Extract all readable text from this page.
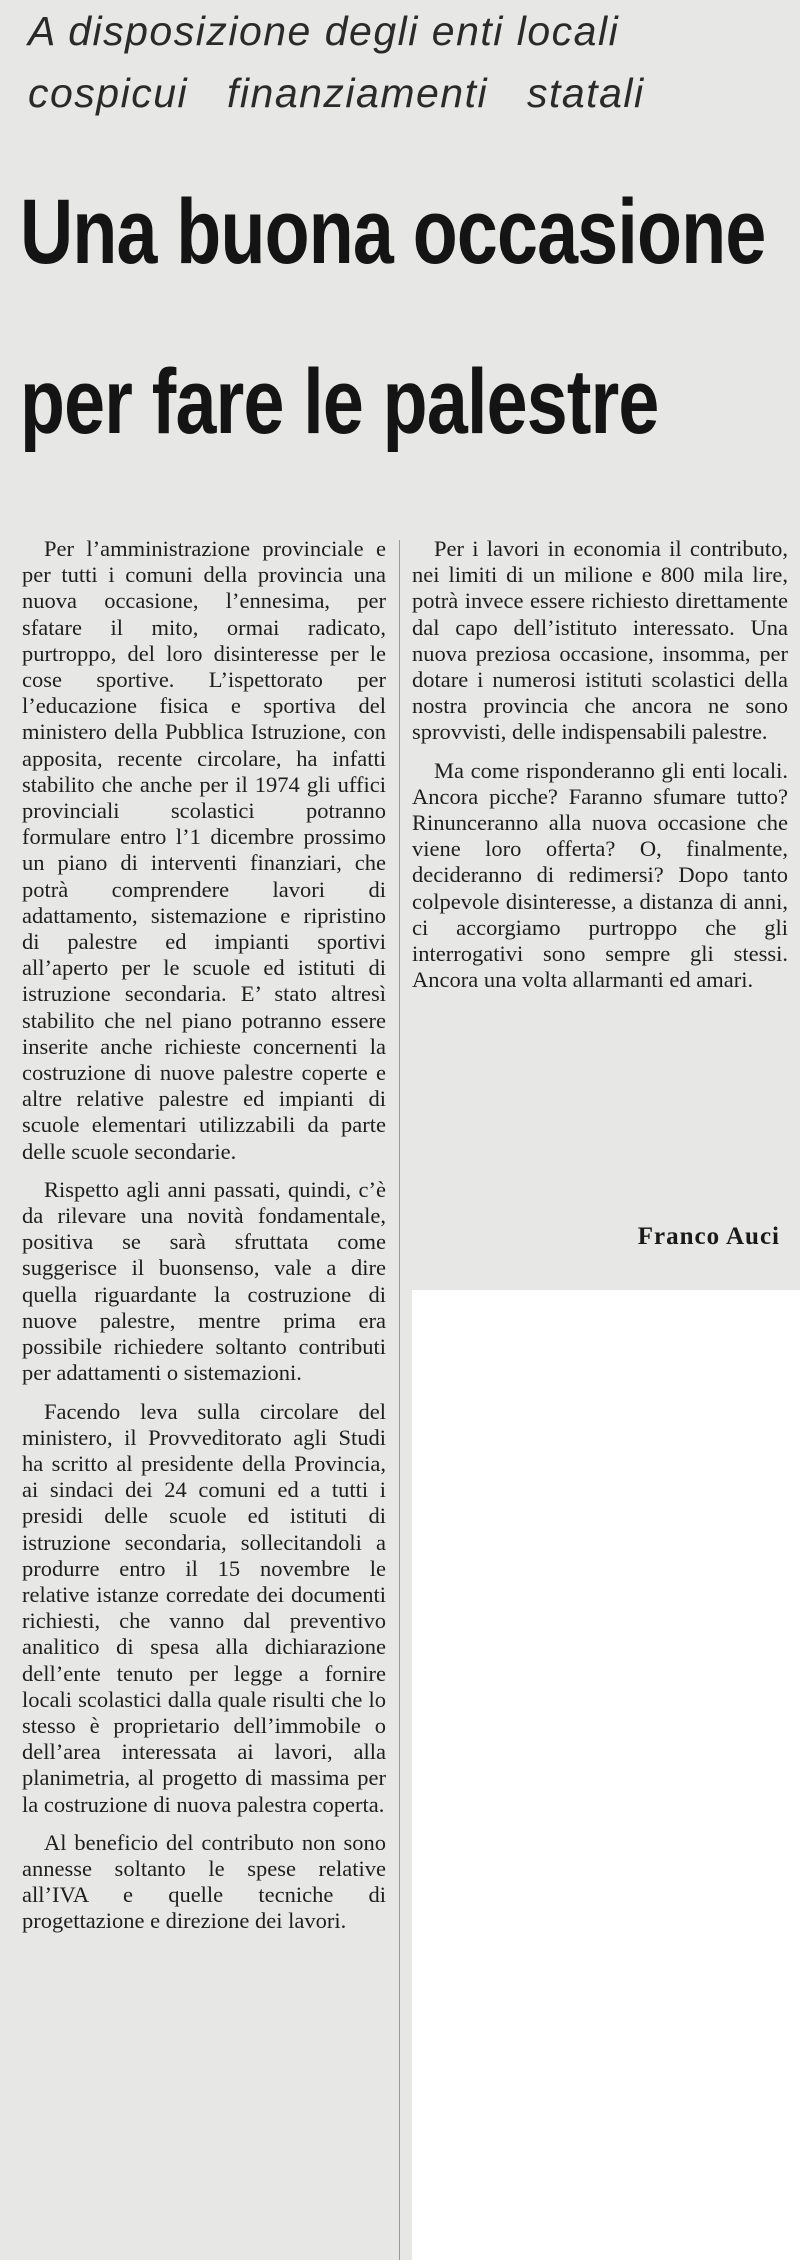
A disposizione degli enti locali
cospicui finanziamenti statali
Una buona occasione
per fare le palestre

Per l’amministrazione provinciale e per tutti i comuni della provincia una nuova occasione, l’ennesima, per sfatare il mito, ormai radicato, purtroppo, del loro disinteresse per le cose sportive. L’ispettorato per l’educazione fisica e sportiva del ministero della Pubblica Istruzione, con apposita, recente circolare, ha infatti stabilito che anche per il 1974 gli uffici provinciali scolastici potranno formulare entro l’1 dicembre prossimo un piano di interventi finanziari, che potrà comprendere lavori di adattamento, sistemazione e ripristino di palestre ed impianti sportivi all’aperto per le scuole ed istituti di istruzione secondaria. E’ stato altresì stabilito che nel piano potranno essere inserite anche richieste concernenti la costruzione di nuove palestre coperte e altre relative palestre ed impianti di scuole elementari utilizzabili da parte delle scuole secondarie.

Rispetto agli anni passati, quindi, c’è da rilevare una novità fondamentale, positiva se sarà sfruttata come suggerisce il buonsenso, vale a dire quella riguardante la costruzione di nuove palestre, mentre prima era possibile richiedere soltanto contributi per adattamenti o sistemazioni.

Facendo leva sulla circolare del ministero, il Provveditorato agli Studi ha scritto al presidente della Provincia, ai sindaci dei 24 comuni ed a tutti i presidi delle scuole ed istituti di istruzione secondaria, sollecitandoli a produrre entro il 15 novembre le relative istanze corredate dei documenti richiesti, che vanno dal preventivo analitico di spesa alla dichiarazione dell’ente tenuto per legge a fornire locali scolastici dalla quale risulti che lo stesso è proprietario dell’immobile o dell’area interessata ai lavori, alla planimetria, al progetto di massima per la costruzione di nuova palestra coperta.

Al beneficio del contributo non sono annesse soltanto le spese relative all’IVA e quelle tecniche di progettazione e direzione dei lavori.

Per i lavori in economia il contributo, nei limiti di un milione e 800 mila lire, potrà invece essere richiesto direttamente dal capo dell’istituto interessato. Una nuova preziosa occasione, insomma, per dotare i numerosi istituti scolastici della nostra provincia che ancora ne sono sprovvisti, delle indispensabili palestre.

Ma come risponderanno gli enti locali. Ancora picche? Faranno sfumare tutto? Rinunceranno alla nuova occasione che viene loro offerta? O, finalmente, decideranno di redimersi? Dopo tanto colpevole disinteresse, a distanza di anni, ci accorgiamo purtroppo che gli interrogativi sono sempre gli stessi. Ancora una volta allarmanti ed amari.

Franco Auci
